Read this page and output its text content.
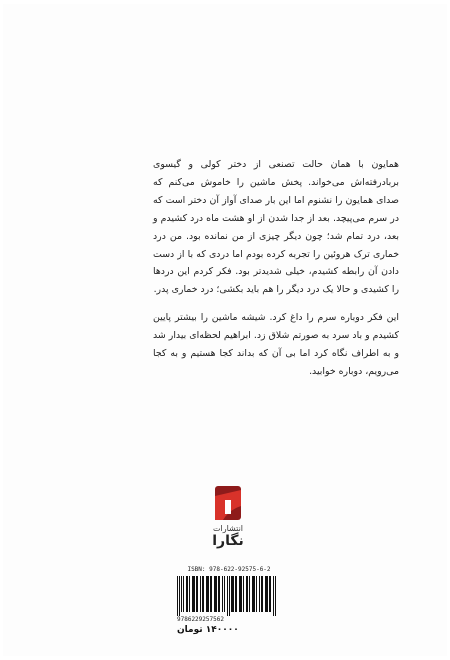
همایون با همان حالت تصنعی از دختر کولی و گیسوی بربادرفته‌اش می‌خواند. پخش ماشین را خاموش می‌کنم که صدای همایون را نشنوم اما این بار صدای آواز آن دختر است که در سرم می‌پیچد. بعد از جدا شدن از او هشت ماه درد کشیدم و بعد، درد تمام شد؛ چون دیگر چیزی از من نمانده بود. من درد خماری ترک هروئین را تجربه کرده بودم اما دردی که با از دست دادن آن رابطه کشیدم، خیلی شدیدتر بود. فکر کردم این دردها را کشیدی و حالا یک درد دیگر را هم باید بکشی؛ درد خماری پدر.

این فکر دوباره سرم را داغ کرد. شیشه ماشین را بیشتر پایین کشیدم و باد سرد به صورتم شلاق زد. ابراهیم لحظه‌ای بیدار شد و به اطراف نگاه کرد اما بی آن که بداند کجا هستیم و به کجا می‌رویم، دوباره خوابید.

انتشارات
نگارا
ISBN: 978-622-92575-6-2
9786229257562
۱۴۰۰۰۰ تومان
